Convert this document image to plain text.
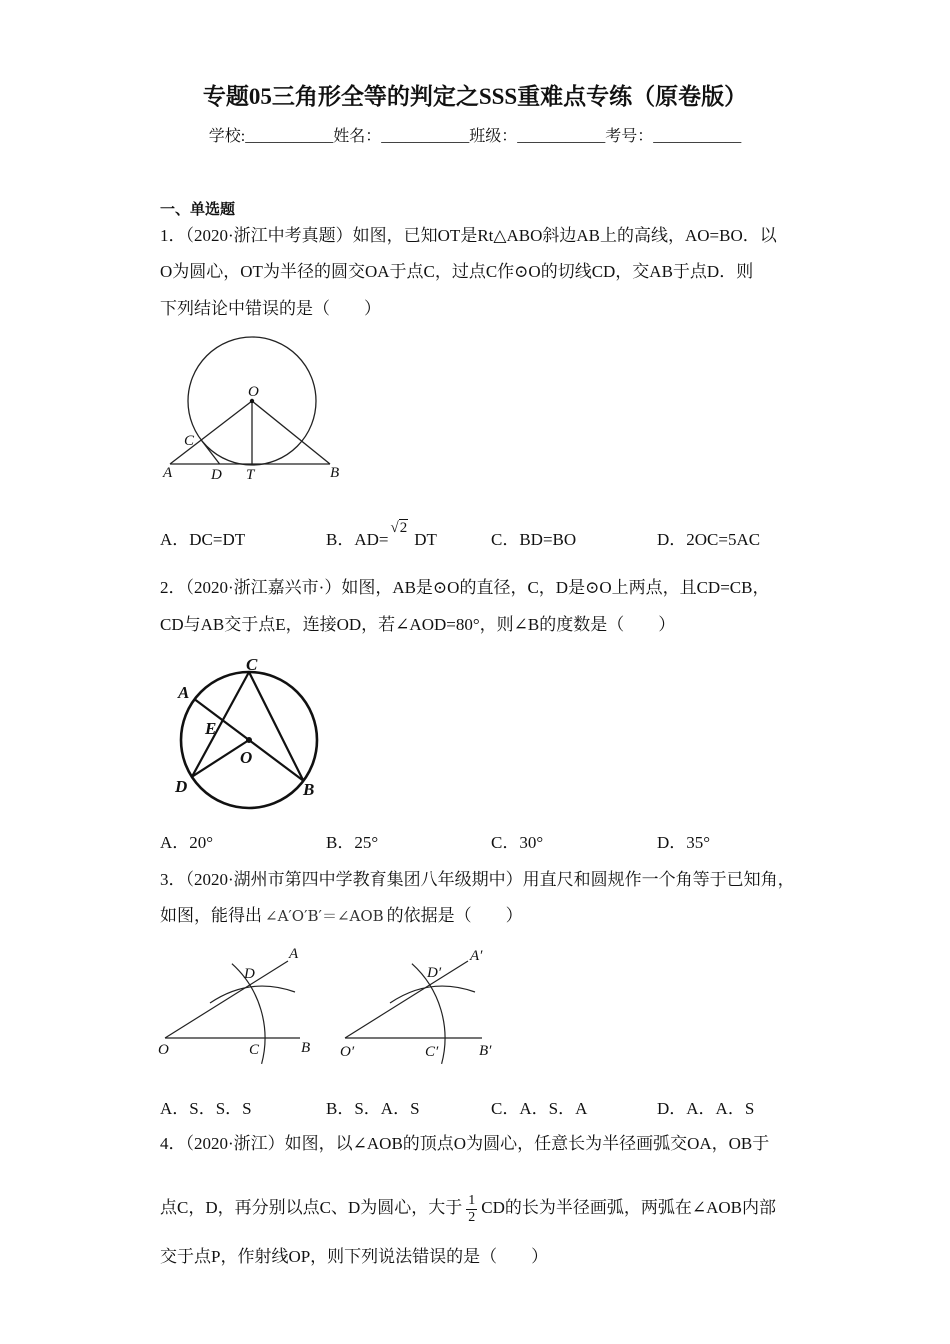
专题05三角形全等的判定之SSS重难点专练（原卷版）
学校:___________姓名：___________班级：___________考号：___________
一、单选题
1．（2020·浙江中考真题）如图，已知OT是Rt△ABO斜边AB上的高线，AO=BO．以
O为圆心，OT为半径的圆交OA于点C，过点C作⊙O的切线CD，交AB于点D．则
下列结论中错误的是（　　）
O
C
A	D T	B
A．DC=DT	B．AD=√2DT	C．BD=BO	D．2OC=5AC
2．（2020·浙江嘉兴市·）如图，AB是⊙O的直径，C，D是⊙O上两点，且CD=CB，
CD与AB交于点E，连接OD，若∠AOD=80°，则∠B的度数是（　　）
C
A
E
O
D	B
A．20°	B．25°	C．30°	D．35°
3．（2020·湖州市第四中学教育集团八年级期中）用直尺和圆规作一个角等于已知角，
如图，能得出 ∠A′O′B′＝∠AOB 的依据是（　　）
D
A
O	C	B
D′
A′
O′	C′	B′
A．S．S．S	B．S．A．S	C．A．S．A	D．A．A．S
4．（2020·浙江）如图，以∠AOB的顶点O为圆心，任意长为半径画弧交OA，OB于
点C，D，再分别以点C、D为圆心，大于 $\frac{1}{2}$ CD的长为半径画弧，两弧在∠AOB内部
交于点P，作射线OP，则下列说法错误的是（　　）
